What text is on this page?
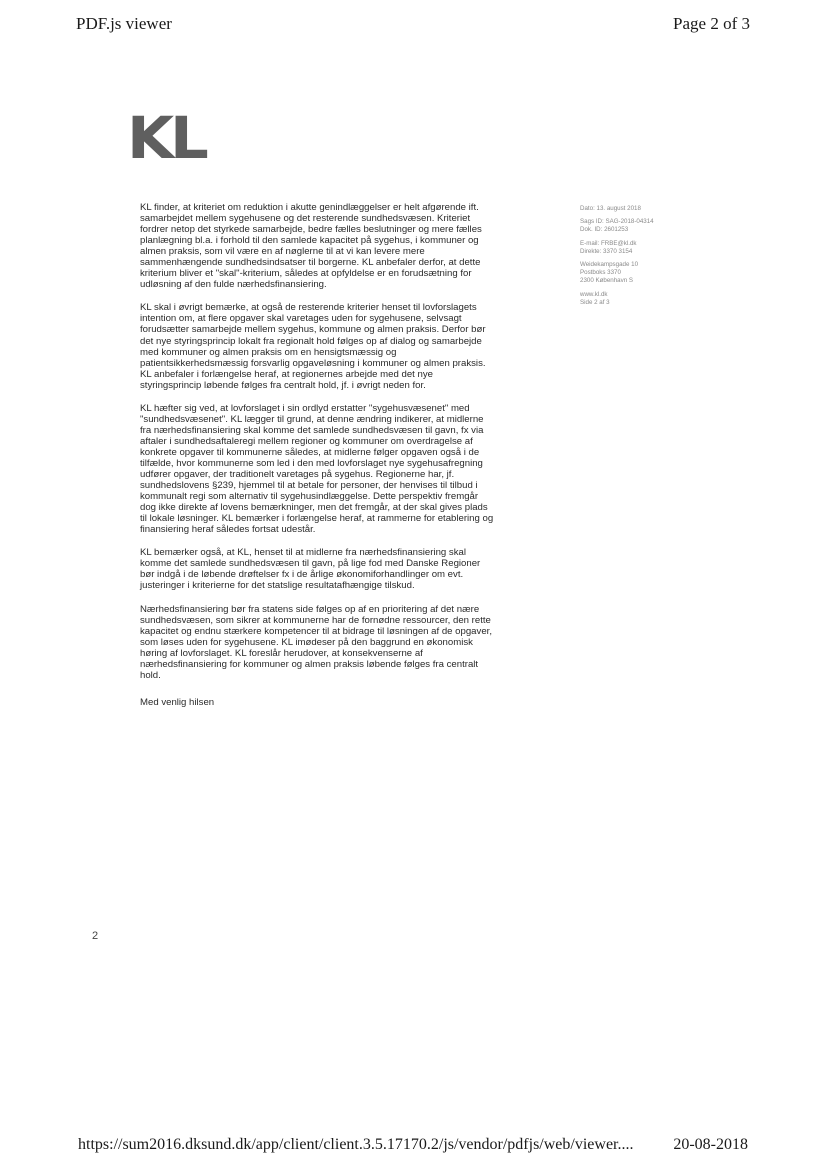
PDF.js viewer	Page 2 of 3
KL

KL finder, at kriteriet om reduktion i akutte genindlæggelser er helt afgørende ift. samarbejdet mellem sygehusene og det resterende sundhedsvæsen. Kriteriet fordrer netop det styrkede samarbejde, bedre fælles beslutninger og mere fælles planlægning bl.a. i forhold til den samlede kapacitet på sygehus, i kommuner og almen praksis, som vil være en af nøglerne til at vi kan levere mere sammenhængende sundhedsindsatser til borgerne. KL anbefaler derfor, at dette kriterium bliver et "skal"-kriterium, således at opfyldelse er en forudsætning for udløsning af den fulde nærhedsfinansiering.

KL skal i øvrigt bemærke, at også de resterende kriterier henset til lovforslagets intention om, at flere opgaver skal varetages uden for sygehusene, selvsagt forudsætter samarbejde mellem sygehus, kommune og almen praksis. Derfor bør det nye styringsprincip lokalt fra regionalt hold følges op af dialog og samarbejde med kommuner og almen praksis om en hensigtsmæssig og patientsikkerhedsmæssig forsvarlig opgaveløsning i kommuner og almen praksis. KL anbefaler i forlængelse heraf, at regionernes arbejde med det nye styringsprincip løbende følges fra centralt hold, jf. i øvrigt neden for.

KL hæfter sig ved, at lovforslaget i sin ordlyd erstatter "sygehusvæsenet" med "sundhedsvæsenet". KL lægger til grund, at denne ændring indikerer, at midlerne fra nærhedsfinansiering skal komme det samlede sundhedsvæsen til gavn, fx via aftaler i sundhedsaftaleregi mellem regioner og kommuner om overdragelse af konkrete opgaver til kommunerne således, at midlerne følger opgaven også i de tilfælde, hvor kommunerne som led i den med lovforslaget nye sygehusafregning udfører opgaver, der traditionelt varetages på sygehus. Regionerne har, jf. sundhedslovens §239, hjemmel til at betale for personer, der henvises til tilbud i kommunalt regi som alternativ til sygehusindlæggelse. Dette perspektiv fremgår dog ikke direkte af lovens bemærkninger, men det fremgår, at der skal gives plads til lokale løsninger. KL bemærker i forlængelse heraf, at rammerne for etablering og finansiering heraf således fortsat udestår.

KL bemærker også, at KL, henset til at midlerne fra nærhedsfinansiering skal komme det samlede sundhedsvæsen til gavn, på lige fod med Danske Regioner bør indgå i de løbende drøftelser fx i de årlige økonomiforhandlinger om evt. justeringer i kriterierne for det statslige resultatafhængige tilskud.

Nærhedsfinansiering bør fra statens side følges op af en prioritering af det nære sundhedsvæsen, som sikrer at kommunerne har de fornødne ressourcer, den rette kapacitet og endnu stærkere kompetencer til at bidrage til løsningen af de opgaver, som løses uden for sygehusene. KL imødeser på den baggrund en økonomisk høring af lovforslaget. KL foreslår herudover, at konsekvenserne af nærhedsfinansiering for kommuner og almen praksis løbende følges fra centralt hold.

Med venlig hilsen

Dato: 13. august 2018
Sags ID: SAG-2018-04314
Dok. ID: 2601253
E-mail: FRBE@kl.dk
Direkte: 3370 3154
Weidekampsgade 10
Postboks 3370
2300 København S
www.kl.dk
Side 2 af 3
2
https://sum2016.dksund.dk/app/client/client.3.5.17170.2/js/vendor/pdfjs/web/viewer.... 20-08-2018
